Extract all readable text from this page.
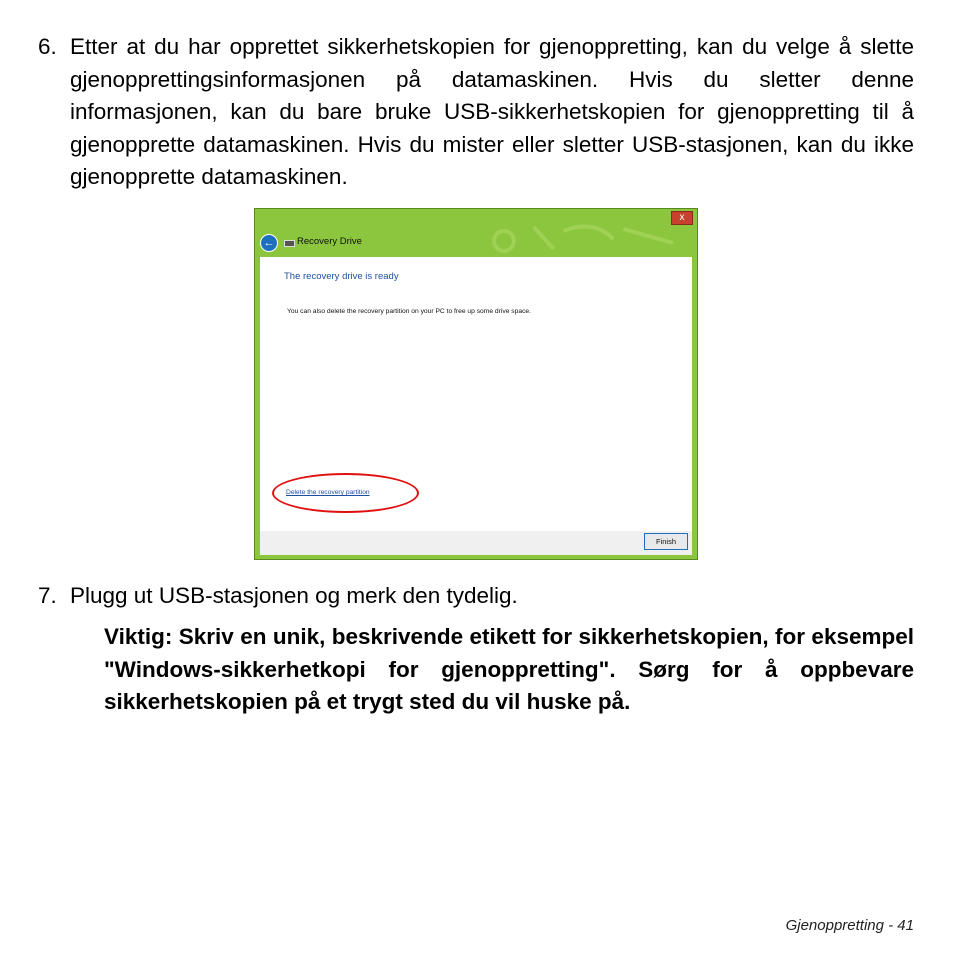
6. Etter at du har opprettet sikkerhetskopien for gjenoppretting, kan du velge å slette gjenopprettingsinformasjonen på datamaskinen. Hvis du sletter denne informasjonen, kan du bare bruke USB-sikkerhetskopien for gjenoppretting til å gjenopprette datamaskinen. Hvis du mister eller sletter USB-stasjonen, kan du ikke gjenopprette datamaskinen.
x
←	Recovery Drive
The recovery drive is ready
You can also delete the recovery partition on your PC to free up some drive space.
Delete the recovery partition
Finish
7. Plugg ut USB-stasjonen og merk den tydelig.
Viktig: Skriv en unik, beskrivende etikett for sikkerhetskopien, for eksempel "Windows-sikkerhetkopi for gjenoppretting". Sørg for å oppbevare sikkerhetskopien på et trygt sted du vil huske på.
Gjenoppretting - 41
